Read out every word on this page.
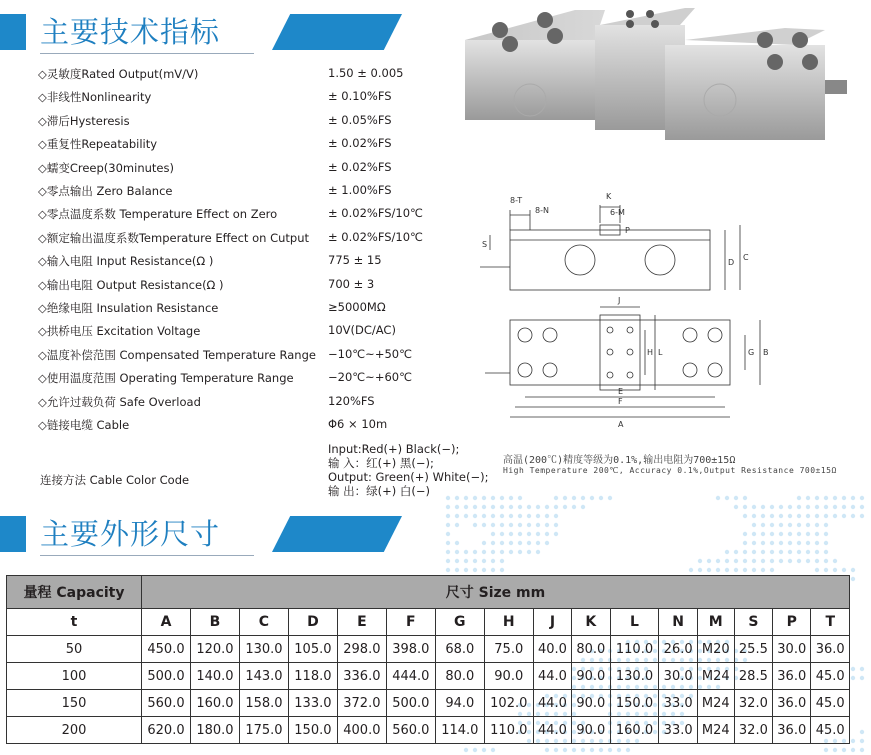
主要技术指标
◇灵敏度Rated Output(mV/V)	1.50 ± 0.005
◇非线性Nonlinearity	± 0.10%FS
◇滞后Hysteresis	± 0.05%FS
◇重复性Repeatability	± 0.02%FS
◇蠕变Creep(30minutes)	± 0.02%FS
◇零点输出 Zero Balance	± 1.00%FS
◇零点温度系数 Temperature Effect on Zero	± 0.02%FS/10℃
◇额定输出温度系数Temperature Effect on Cutput ± 0.02%FS/10℃
◇输入电阻 Input Resistance(Ω )	775 ± 15
◇输出电阻 Output Resistance(Ω )	700 ± 3
◇绝缘电阻 Insulation Resistance	≥5000MΩ
◇拱桥电压 Excitation Voltage	10V(DC/AC)
◇温度补偿范围 Compensated Temperature Range −10℃~+50℃
◇使用温度范围 Operating Temperature Range	−20℃~+60℃
◇允许过载负荷 Safe Overload	120%FS
◇链接电缆 Cable	Φ6 × 10m
连接方法 Cable Color Code
Input:Red(+) Black(−);
输 入：红(+) 黑(−);
Output: Green(+) White(−);
输 出：绿(+) 白(−)
8-T
8-N
K
6-M
S
P
D
C
J
H L	G B
E
F
A
高温(200℃)精度等级为0.1%,输出电阻为700±15Ω
High Temperature 200℃, Accuracy 0.1%,Output Resistance 700±15Ω
主要外形尺寸
量程 Capacity	尺寸 Size mm															
t	A	B	C	D	E	F	G	H	J	K	L	N	M	S	P	T
50	450.0	120.0	130.0	105.0	298.0	398.0	68.0	75.0	40.0	80.0	110.0	26.0	M20	25.5	30.0	36.0
100	500.0	140.0	143.0	118.0	336.0	444.0	80.0	90.0	44.0	90.0	130.0	30.0	M24	28.5	36.0	45.0
150	560.0	160.0	158.0	133.0	372.0	500.0	94.0	102.0	44.0	90.0	150.0	33.0	M24	32.0	36.0	45.0
200	620.0	180.0	175.0	150.0	400.0	560.0	114.0	110.0	44.0	90.0	160.0	33.0	M24	32.0	36.0	45.0
